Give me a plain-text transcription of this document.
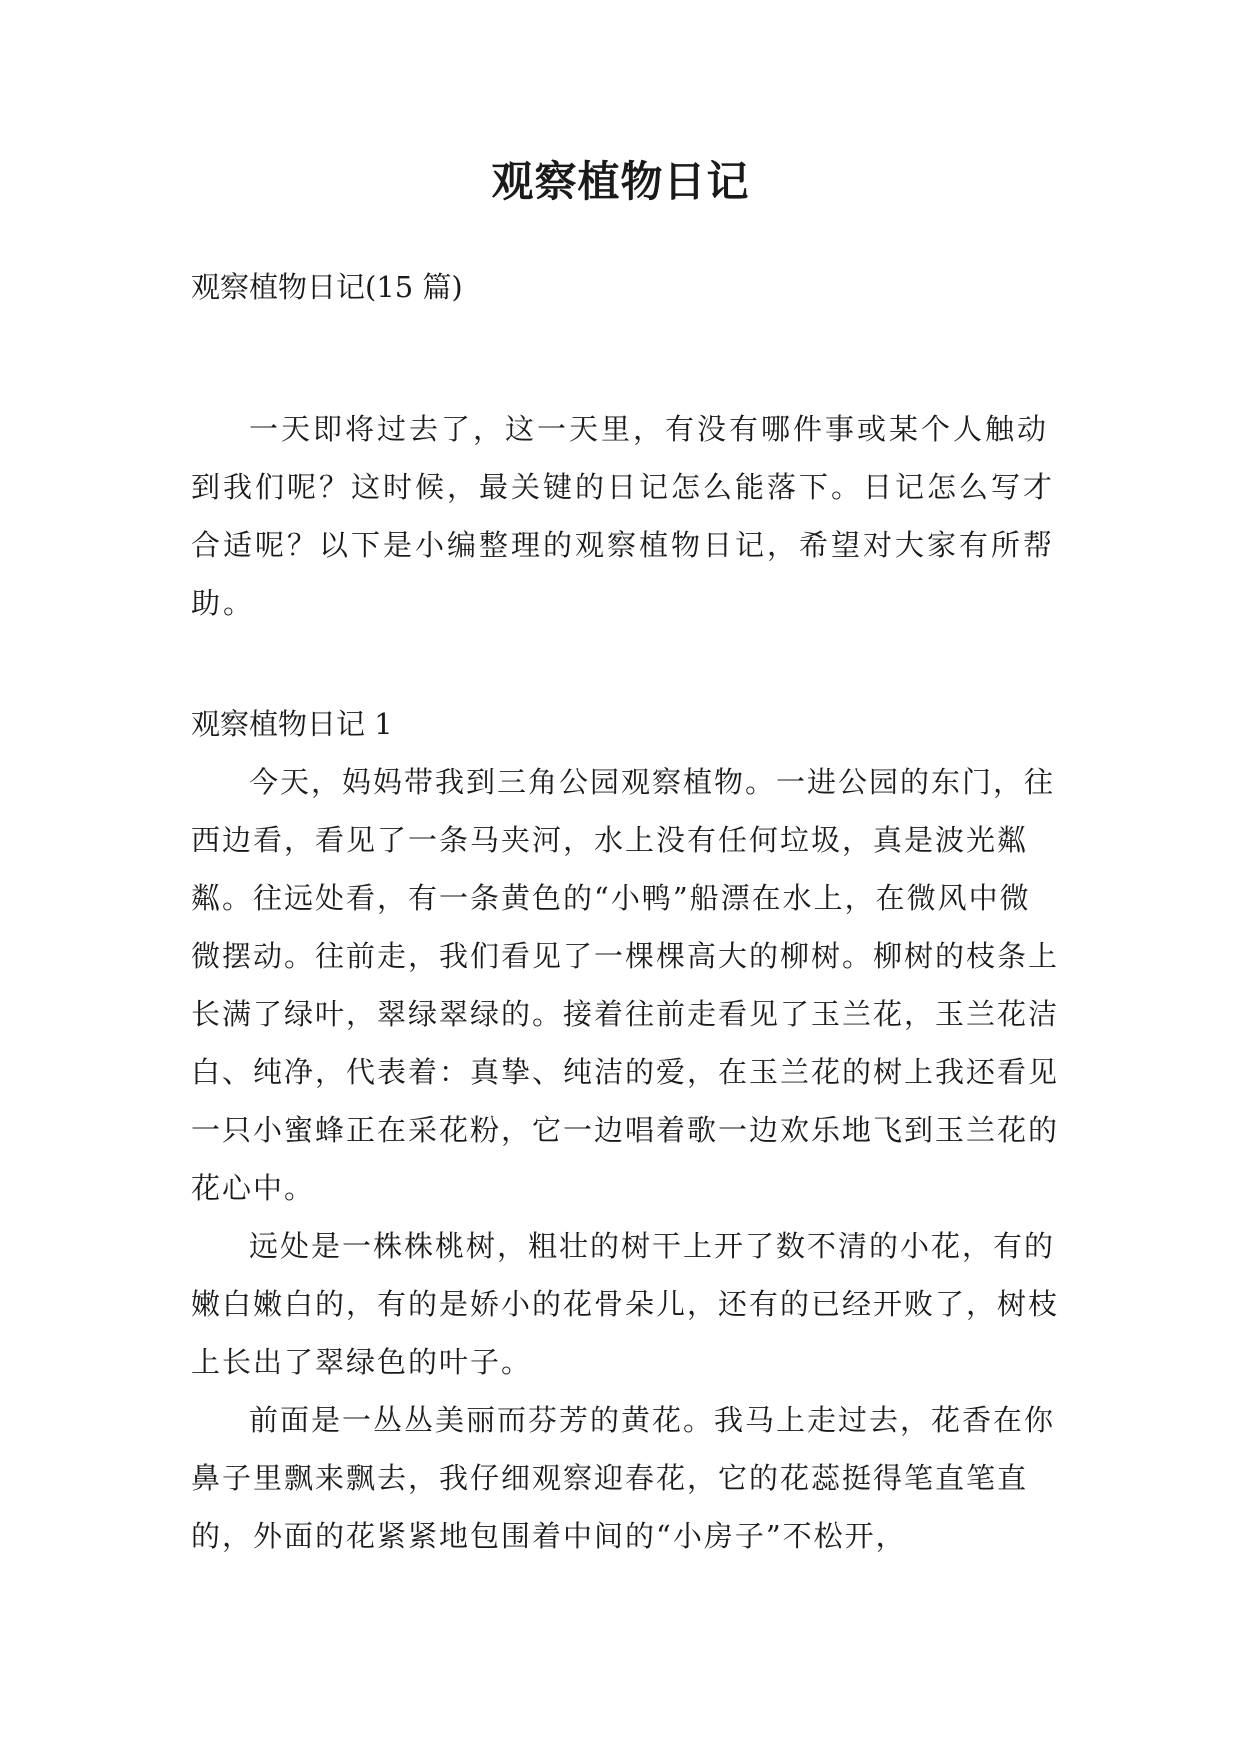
观察植物日记

观察植物日记(15 篇)

一天即将过去了，这一天里，有没有哪件事或某个人触动到我们呢？这时候，最关键的日记怎么能落下。日记怎么写才合适呢？以下是小编整理的观察植物日记，希望对大家有所帮助。

观察植物日记 1

今天，妈妈带我到三角公园观察植物。一进公园的东门，往西边看，看见了一条马夹河，水上没有任何垃圾，真是波光粼粼。往远处看，有一条黄色的“小鸭”船漂在水上，在微风中微微摆动。往前走，我们看见了一棵棵高大的柳树。柳树的枝条上长满了绿叶，翠绿翠绿的。接着往前走看见了玉兰花，玉兰花洁白、纯净，代表着：真挚、纯洁的爱，在玉兰花的树上我还看见一只小蜜蜂正在采花粉，它一边唱着歌一边欢乐地飞到玉兰花的花心中。

远处是一株株桃树，粗壮的树干上开了数不清的小花，有的嫩白嫩白的，有的是娇小的花骨朵儿，还有的已经开败了，树枝上长出了翠绿色的叶子。

前面是一丛丛美丽而芬芳的黄花。我马上走过去，花香在你鼻子里飘来飘去，我仔细观察迎春花，它的花蕊挺得笔直笔直的，外面的花紧紧地包围着中间的“小房子”不松开，
